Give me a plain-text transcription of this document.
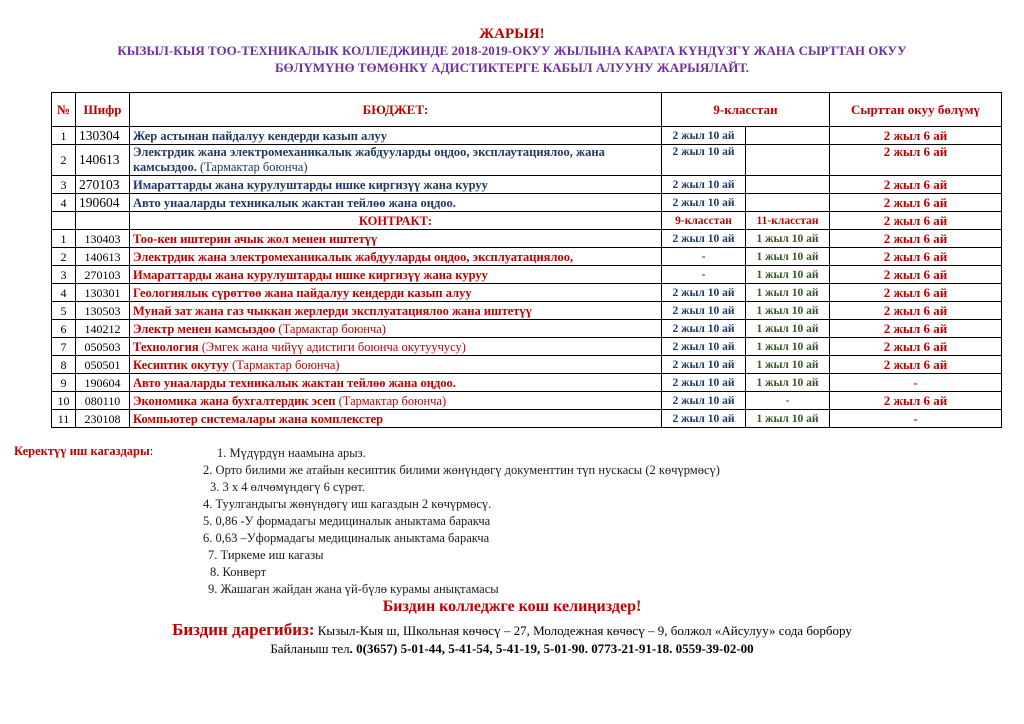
ЖАРЫЯ!
КЫЗЫЛ-КЫЯ ТОО-ТЕХНИКАЛЫК КОЛЛЕДЖИНДЕ 2018-2019-ОКУУ ЖЫЛЫНА КАРАТА КҮНДҮЗГҮ ЖАНА СЫРТТАН ОКУУ
БӨЛҮМҮНӨ ТӨМӨНКҮ АДИСТИКТЕРГЕ КАБЫЛ АЛУУНУ ЖАРЫЯЛАЙТ.
№	Шифр	БЮДЖЕТ:	9-класстан		Сырттан окуу бөлүмү
1	130304	Жер астынан пайдалуу кендерди казып алуу	2 жыл 10 ай		2 жыл 6 ай
2	140613	Электрдик жана электромеханикалык жабдууларды оңдоо, эксплаутациялоо, жана камсыздоо. (Тармактар боюнча)	2 жыл 10 ай		2 жыл 6 ай
3	270103	Имараттарды жана курулуштарды ишке киргизүү жана куруу	2 жыл 10 ай		2 жыл 6 ай
4	190604	Авто унааларды техникалык жактан тейлөө жана оңдоо.	2 жыл 10 ай		2 жыл 6 ай
		КОНТРАКТ:	9-класстан	11-класстан	2 жыл 6 ай
1	130403	Тоо-кен иштерин ачык жол менен иштетүү	2 жыл 10 ай	1 жыл 10 ай	2 жыл 6 ай
2	140613	Электрдик жана электромеханикалык жабдууларды оңдоо, эксплуатациялоо,	-	1 жыл 10 ай	2 жыл 6 ай
3	270103	Имараттарды жана курулуштарды ишке киргизүү жана куруу	-	1 жыл 10 ай	2 жыл 6 ай
4	130301	Геологиялык сүрөттөө жана пайдалуу кендерди казып алуу	2 жыл 10 ай	1 жыл 10 ай	2 жыл 6 ай
5	130503	Мунай зат жана газ чыккан жерлерди эксплуатациялоо жана иштетүү	2 жыл 10 ай	1 жыл 10 ай	2 жыл 6 ай
6	140212	Электр менен камсыздоо (Тармактар боюнча)	2 жыл 10 ай	1 жыл 10 ай	2 жыл 6 ай
7	050503	Технология (Эмгек жана чийүү адистиги боюнча окутуучусу)	2 жыл 10 ай	1 жыл 10 ай	2 жыл 6 ай
8	050501	Кесиптик окутуу (Тармактар боюнча)	2 жыл 10 ай	1 жыл 10 ай	2 жыл 6 ай
9	190604	Авто унааларды техникалык жактан тейлөө жана оңдоо.	2 жыл 10 ай	1 жыл 10 ай	-
10	080110	Экономика жана бухгалтердик эсеп (Тармактар боюнча)	2 жыл 10 ай	-	2 жыл 6 ай
11	230108	Компьютер системалары жана комплекстер	2 жыл 10 ай	1 жыл 10 ай	-
Керектүү иш кагаздары:	1. Мүдүрдүн наамына арыз.
2. Орто билими же атайын кесиптик билими жөнүндөгү документтин түп нускасы (2 көчүрмөсү)
3. 3 х 4 өлчөмүндөгү 6 сүрөт.
4. Туулгандыгы жөнүндөгү иш кагаздын 2 көчүрмөсү.
5. 0,86 -У формадагы медициналык аныктама баракча
6. 0,63 –Уформадагы медициналык аныктама баракча
7. Тиркеме иш кагазы
8. Конверт
9. Жашаган жайдан жана үй-бүлө курамы анықтамасы
Биздин колледжге кош келиңиздер!
Биздин дарегибиз: Кызыл-Кыя ш, Школьная көчөсү – 27, Молодежная көчөсү – 9, болжол «Айсулуу» сода борбору
Байланыш тел. 0(3657) 5-01-44, 5-41-54, 5-41-19, 5-01-90. 0773-21-91-18. 0559-39-02-00
